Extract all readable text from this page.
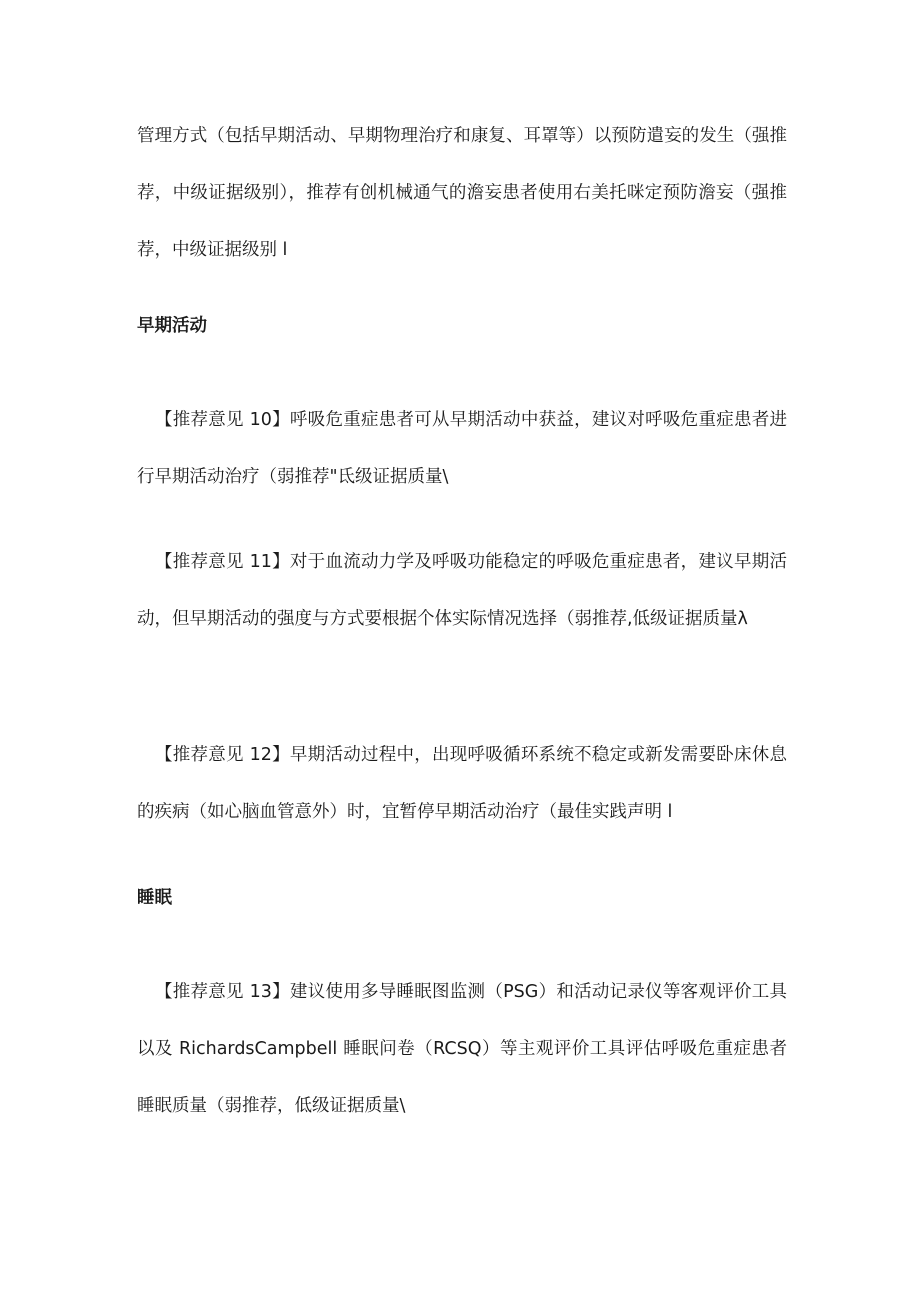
管理方式（包括早期活动、早期物理治疗和康复、耳罩等）以预防遣妄的发生（强推荐，中级证据级别），推荐有创机械通气的澹妄患者使用右美托咪定预防澹妄（强推荐，中级证据级别 l

早期活动

【推荐意见 10】呼吸危重症患者可从早期活动中获益，建议对呼吸危重症患者进行早期活动治疗（弱推荐"氐级证据质量\

【推荐意见 11】对于血流动力学及呼吸功能稳定的呼吸危重症患者，建议早期活动，但早期活动的强度与方式要根据个体实际情况选择（弱推荐,低级证据质量λ

【推荐意见 12】早期活动过程中，出现呼吸循环系统不稳定或新发需要卧床休息的疾病（如心脑血管意外）时，宜暂停早期活动治疗（最佳实践声明 l

睡眠

【推荐意见 13】建议使用多导睡眠图监测（PSG）和活动记录仪等客观评价工具以及 RichardsCampbell 睡眠问卷（RCSQ）等主观评价工具评估呼吸危重症患者睡眠质量（弱推荐，低级证据质量\
